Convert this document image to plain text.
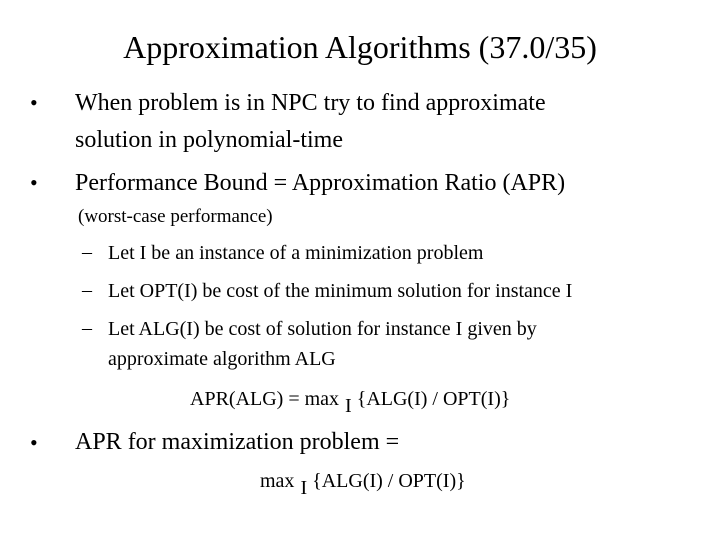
Approximation Algorithms (37.0/35)
• When problem is in NPC try to find approximate
solution in polynomial-time
• Performance Bound = Approximation Ratio (APR)
(worst-case performance)
– Let I be an instance of a minimization problem
– Let OPT(I) be cost of the minimum solution for instance I
– Let ALG(I) be cost of solution for instance I given by
approximate algorithm ALG
APR(ALG) = max I {ALG(I) / OPT(I)}
• APR for maximization problem =
max I {ALG(I) / OPT(I)}
